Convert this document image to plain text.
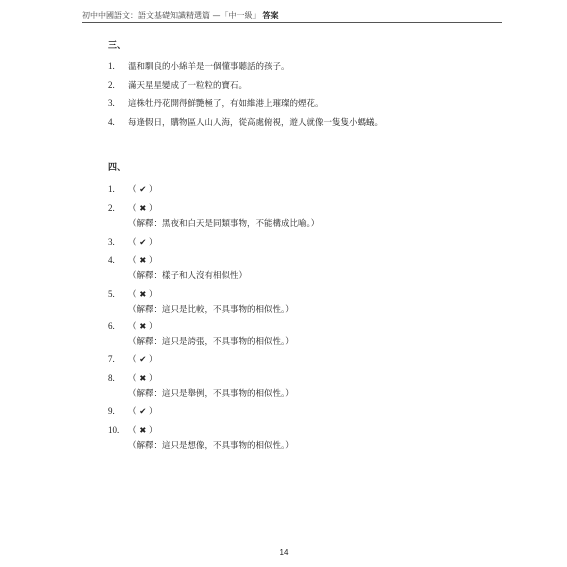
初中中國語文：語文基礎知識精選篇 —「中一級」 答案
三、
1. 溫和馴良的小綿羊是一個懂事聽話的孩子。
2. 滿天星星變成了一粒粒的寶石。
3. 這株牡丹花開得鮮艷極了，有如維港上璀璨的煙花。
4. 每逢假日，購物區人山人海，從高處俯視，遊人就像一隻隻小螞蟻。
四、
1. （ ✔ ）
2. （ ✖ ）
（解釋：黑夜和白天是同類事物，不能構成比喻。）
3. （ ✔ ）
4. （ ✖ ）
（解釋：樣子和人沒有相似性）
5. （ ✖ ）
（解釋：這只是比較，不具事物的相似性。）
6. （ ✖ ）
（解釋：這只是誇張，不具事物的相似性。）
7. （ ✔ ）
8. （ ✖ ）
（解釋：這只是舉例，不具事物的相似性。）
9. （ ✔ ）
10. （ ✖ ）
（解釋：這只是想像，不具事物的相似性。）
14
